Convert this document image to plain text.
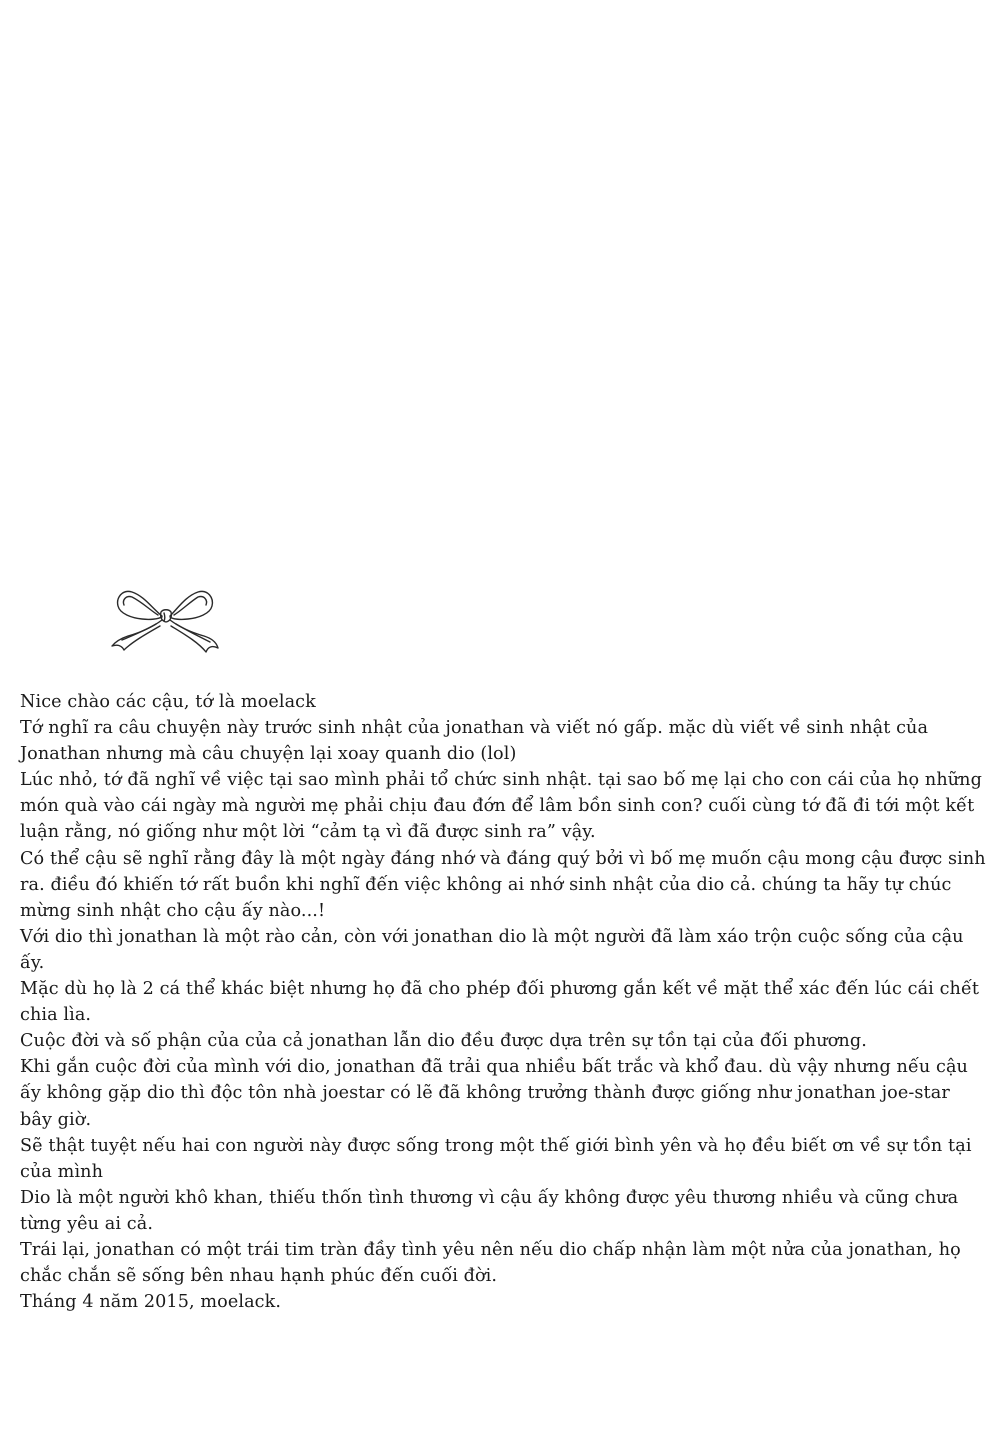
Nice chào các cậu, tớ là moelack

Tớ nghĩ ra câu chuyện này trước sinh nhật của jonathan và viết nó gấp. mặc dù viết về sinh nhật của Jonathan nhưng mà câu chuyện lại xoay quanh dio (lol)

Lúc nhỏ, tớ đã nghĩ về việc tại sao mình phải tổ chức sinh nhật. tại sao bố mẹ lại cho con cái của họ những món quà vào cái ngày mà người mẹ phải chịu đau đớn để lâm bồn sinh con? cuối cùng tớ đã đi tới một kết luận rằng, nó giống như một lời “cảm tạ vì đã được sinh ra” vậy.

Có thể cậu sẽ nghĩ rằng đây là một ngày đáng nhớ và đáng quý bởi vì bố mẹ muốn cậu mong cậu được sinh ra. điều đó khiến tớ rất buồn khi nghĩ đến việc không ai nhớ sinh nhật của dio cả. chúng ta hãy tự chúc mừng sinh nhật cho cậu ấy nào...!

Với dio thì jonathan là một rào cản, còn với jonathan dio là một người đã làm xáo trộn cuộc sống của cậu ấy.

Mặc dù họ là 2 cá thể khác biệt nhưng họ đã cho phép đối phương gắn kết về mặt thể xác đến lúc cái chết chia lìa.

Cuộc đời và số phận của của cả jonathan lẫn dio đều được dựa trên sự tồn tại của đối phương.

Khi gắn cuộc đời của mình với dio, jonathan đã trải qua nhiều bất trắc và khổ đau. dù vậy nhưng nếu cậu ấy không gặp dio thì độc tôn nhà joestar có lẽ đã không trưởng thành được giống như jonathan joe-star bây giờ.

Sẽ thật tuyệt nếu hai con người này được sống trong một thế giới bình yên và họ đều biết ơn về sự tồn tại của mình

Dio là một người khô khan, thiếu thốn tình thương vì cậu ấy không được yêu thương nhiều và cũng chưa từng yêu ai cả.

Trái lại, jonathan có một trái tim tràn đầy tình yêu nên nếu dio chấp nhận làm một nửa của jonathan, họ chắc chắn sẽ sống bên nhau hạnh phúc đến cuối đời.

Tháng 4 năm 2015, moelack.
